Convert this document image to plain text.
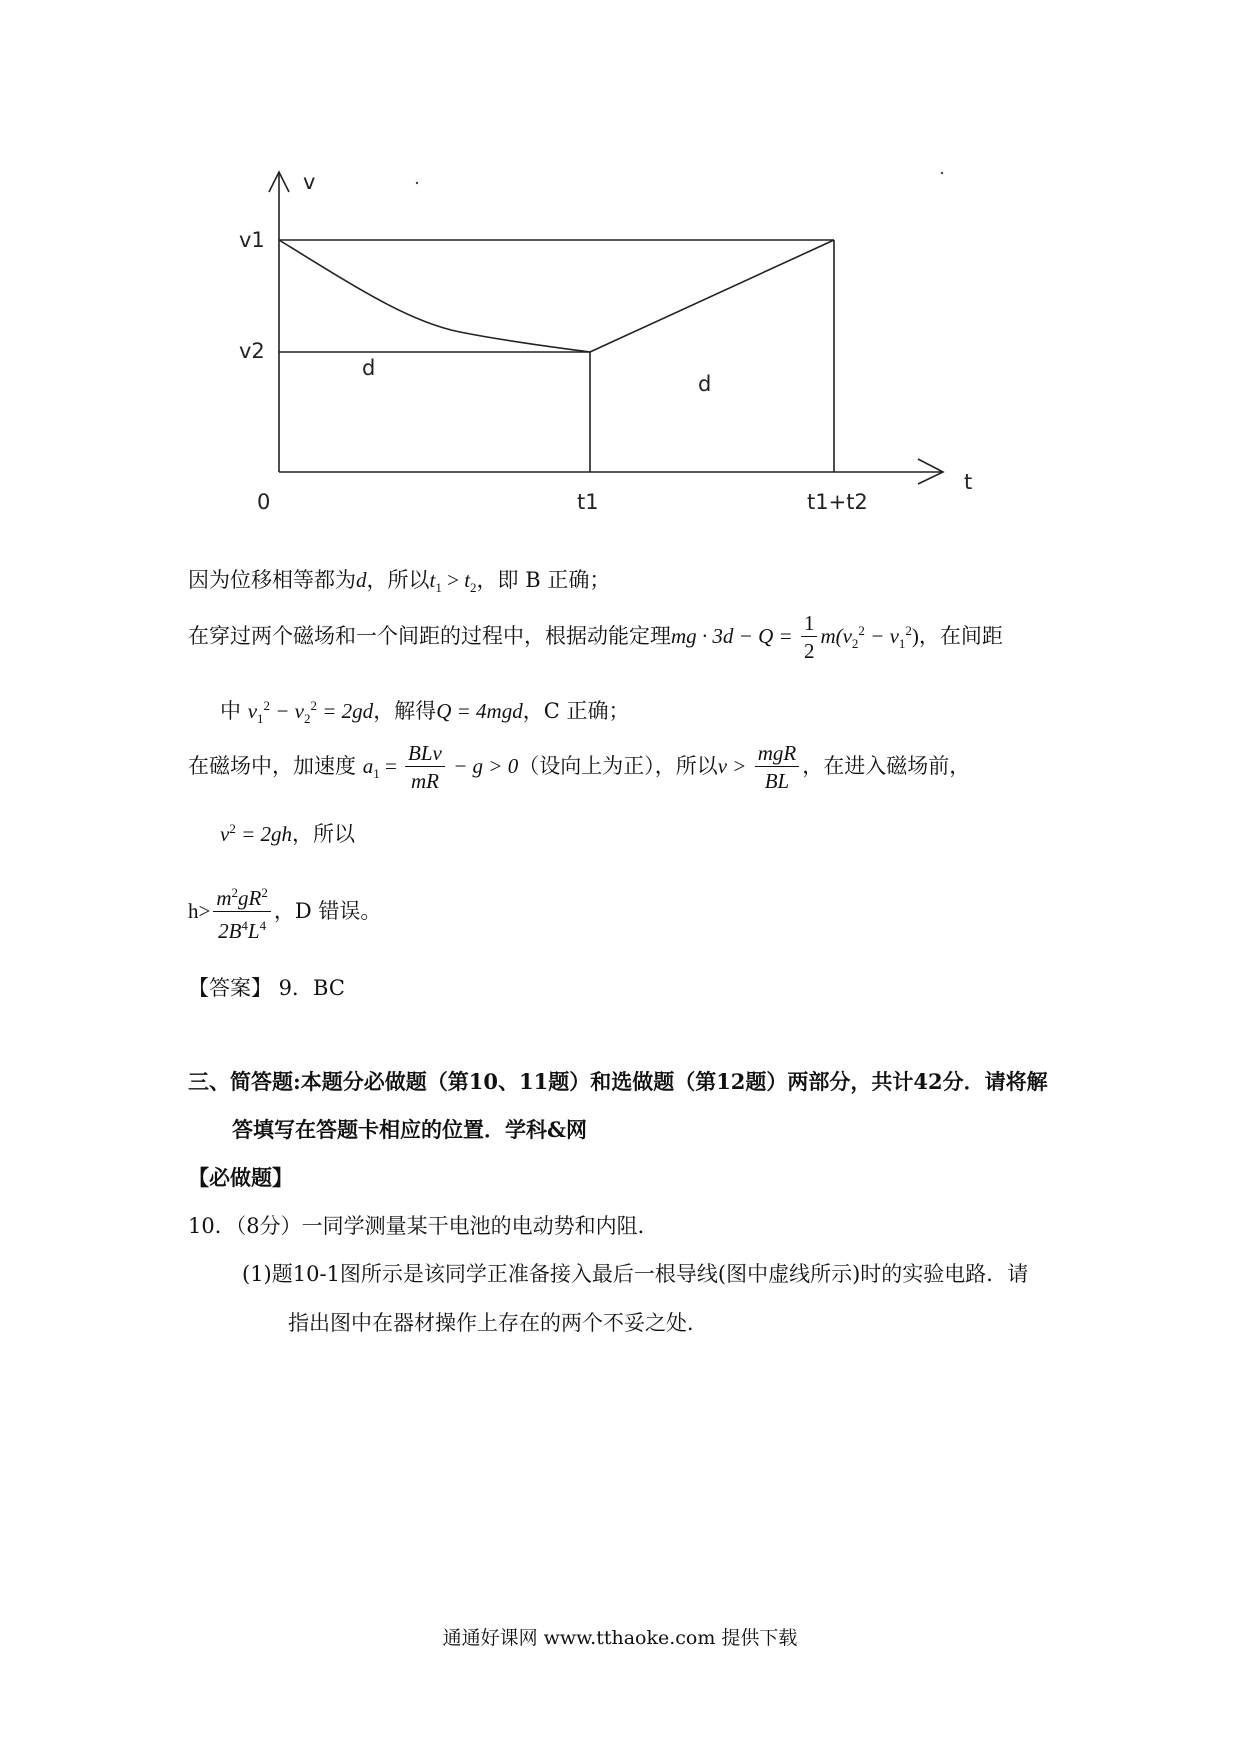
v
t
v1
v2
0	t1	t1+t2
d
d
因为位移相等都为d，所以$t_1 > t_2$，即 B 正确；
在穿过两个磁场和一个间距的过程中，根据动能定理mg · $3d - Q = \frac{1}{2} m(v_2^2 - v_1^2)$，在间距
中 $v_1^2 - v_2^2 = 2gd$，解得Q = 4mgd，C 正确；
在磁场中，加速度 $a_1 = \frac{\text{BLv}}{mR} - g > 0$（设向上为正），所以$v > \frac{\text{mgR}}{BL}$ ，在进入磁场前，
$v^2 = 2gh$，所以
$h> \frac{m^2gR^2}{2B^4L^4}$ ，D 错误。
【答案】 9．BC
三、简答题:本题分必做题（第10、11题）和选做题（第12题）两部分，共计42分．请将解
答填写在答题卡相应的位置．学科&网
【必做题】
10．（8分）一同学测量某干电池的电动势和内阻．
(1)题10-1图所示是该同学正准备接入最后一根导线(图中虚线所示)时的实验电路．请
指出图中在器材操作上存在的两个不妥之处．
通通好课网 www.tthaoke.com 提供下载
